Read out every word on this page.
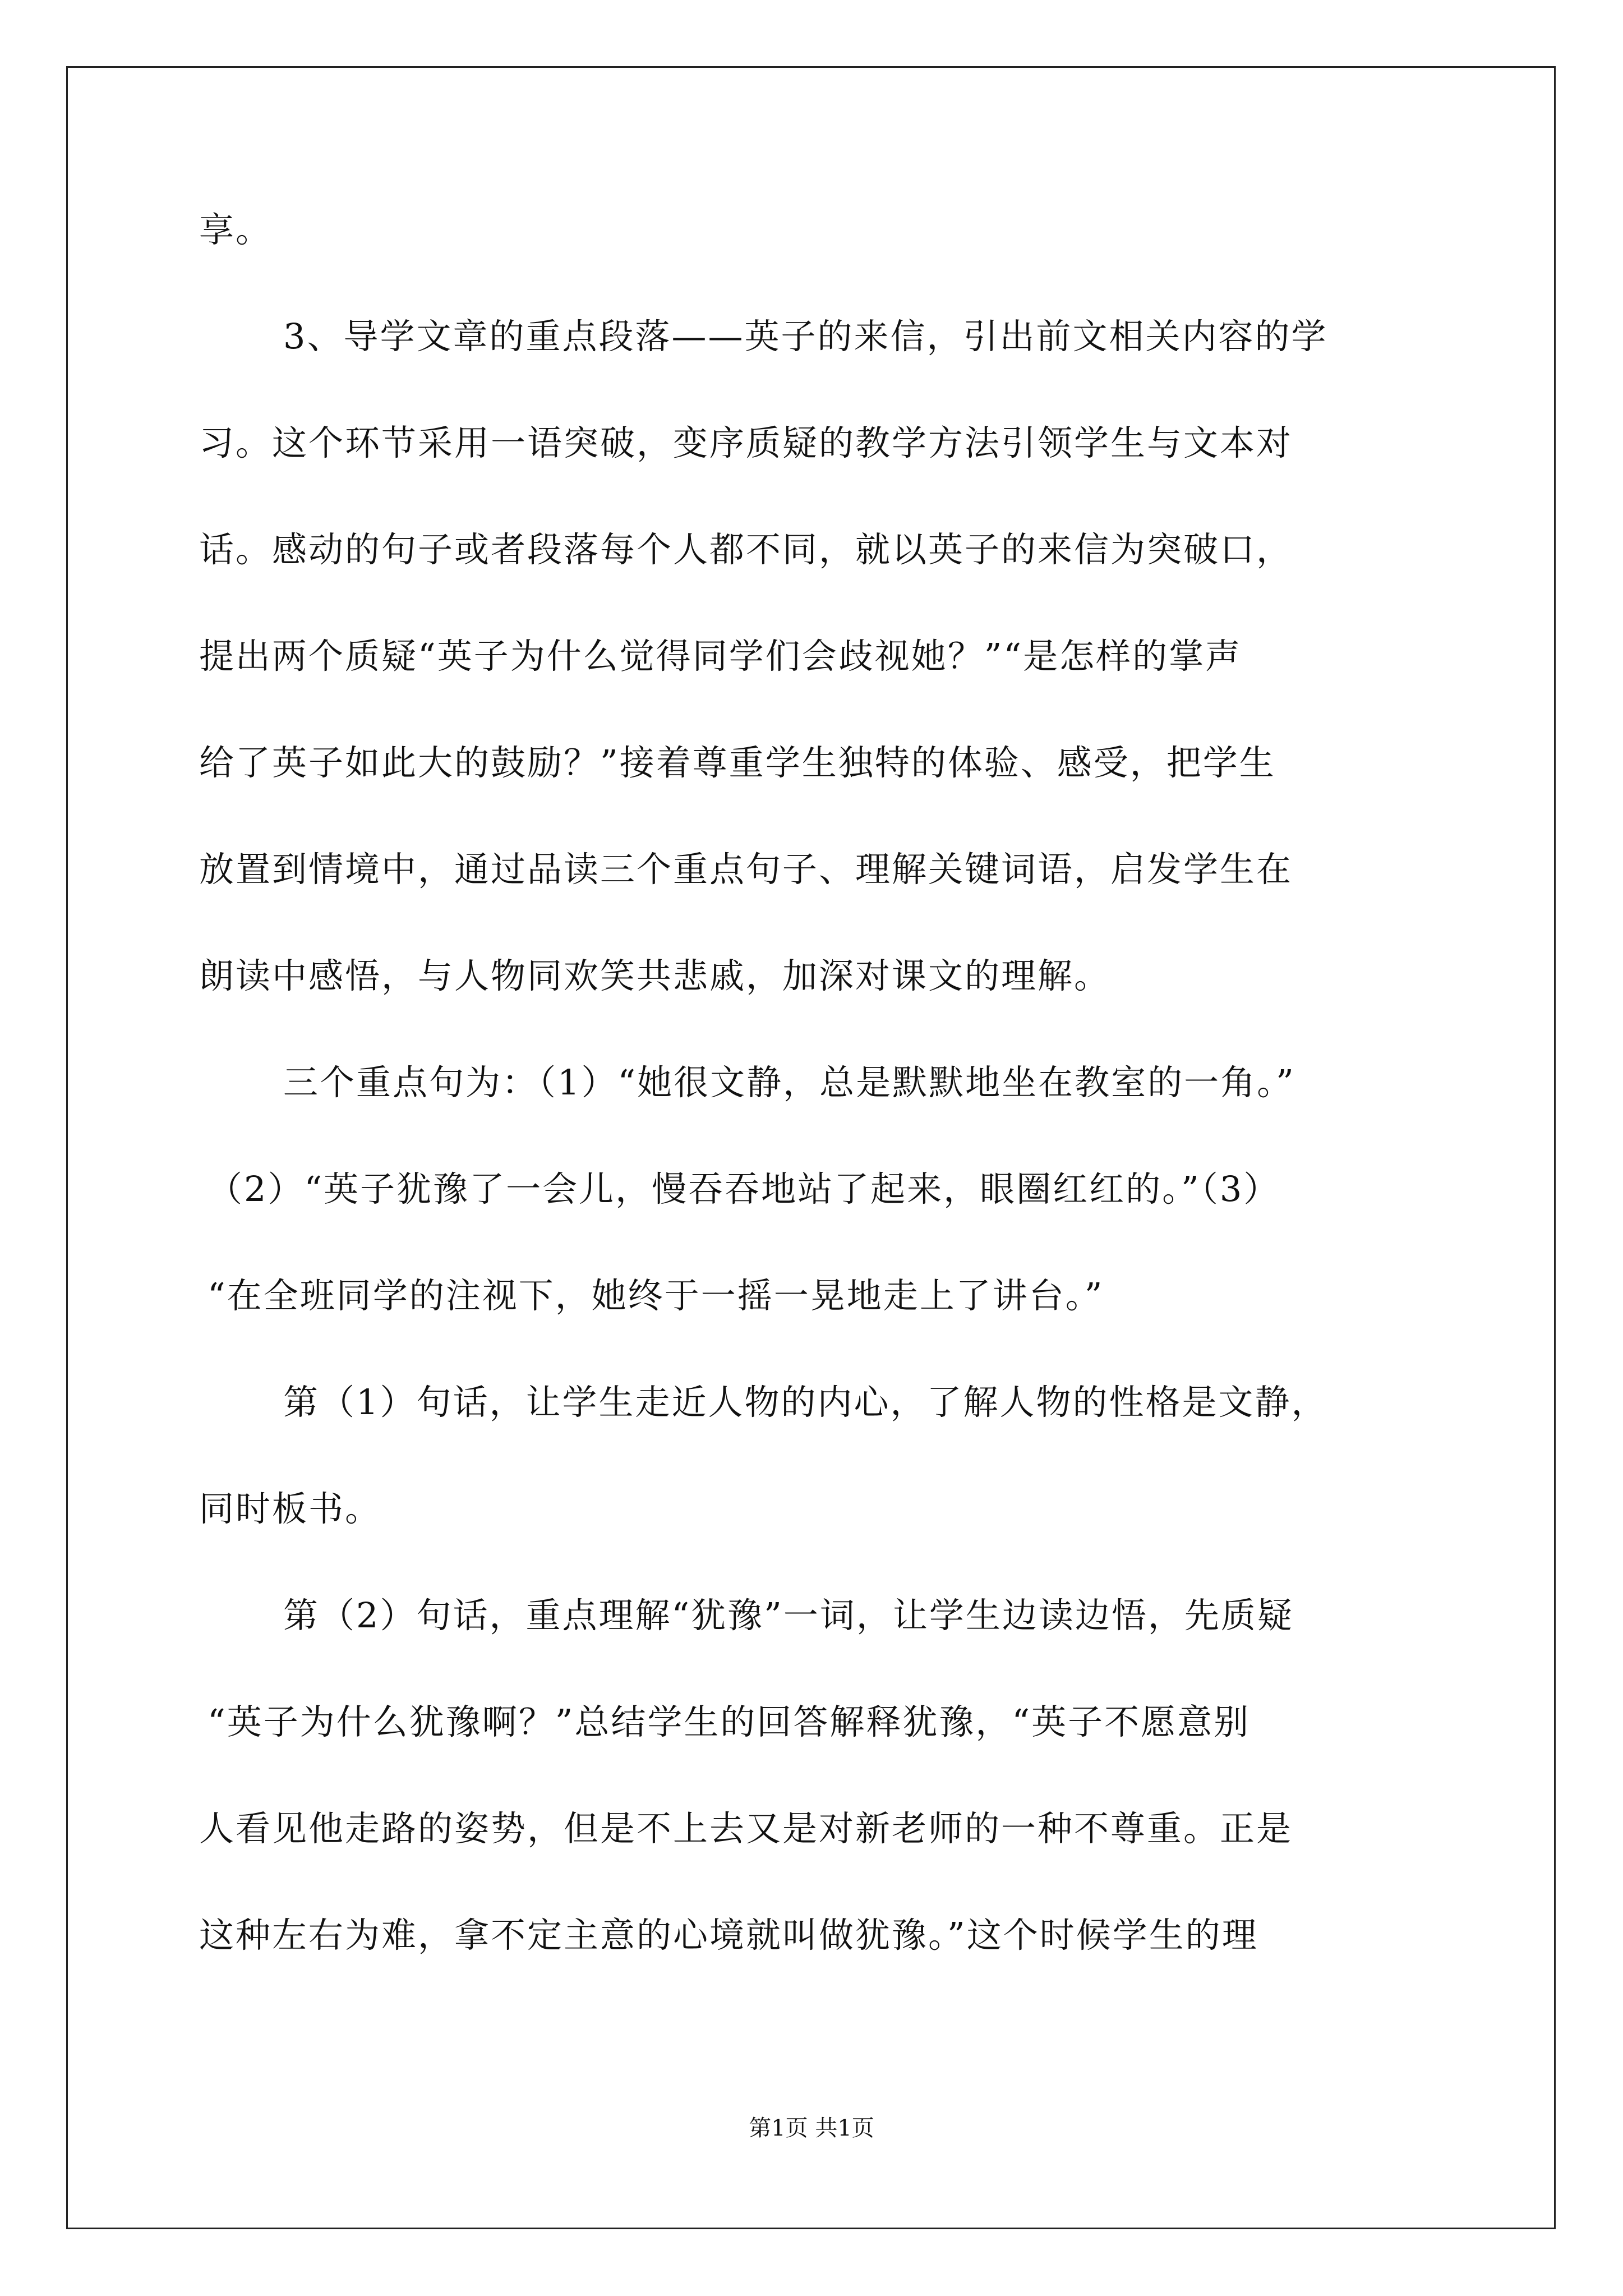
享。
3、导学文章的重点段落——英子的来信，引出前文相关内容的学
习。这个环节采用一语突破，变序质疑的教学方法引领学生与文本对
话。感动的句子或者段落每个人都不同，就以英子的来信为突破口，
提出两个质疑“英子为什么觉得同学们会歧视她？”“是怎样的掌声
给了英子如此大的鼓励？”接着尊重学生独特的体验、感受，把学生
放置到情境中，通过品读三个重点句子、理解关键词语，启发学生在
朗读中感悟，与人物同欢笑共悲戚，加深对课文的理解。
三个重点句为：（1）“她很文静，总是默默地坐在教室的一角。”
（2）“英子犹豫了一会儿，慢吞吞地站了起来，眼圈红红的。”（3）
“在全班同学的注视下，她终于一摇一晃地走上了讲台。”
第（1）句话，让学生走近人物的内心，了解人物的性格是文静，
同时板书。
第（2）句话，重点理解“犹豫”一词，让学生边读边悟，先质疑
“英子为什么犹豫啊？”总结学生的回答解释犹豫，“英子不愿意别
人看见他走路的姿势，但是不上去又是对新老师的一种不尊重。正是
这种左右为难，拿不定主意的心境就叫做犹豫。”这个时候学生的理
第1页 共1页
